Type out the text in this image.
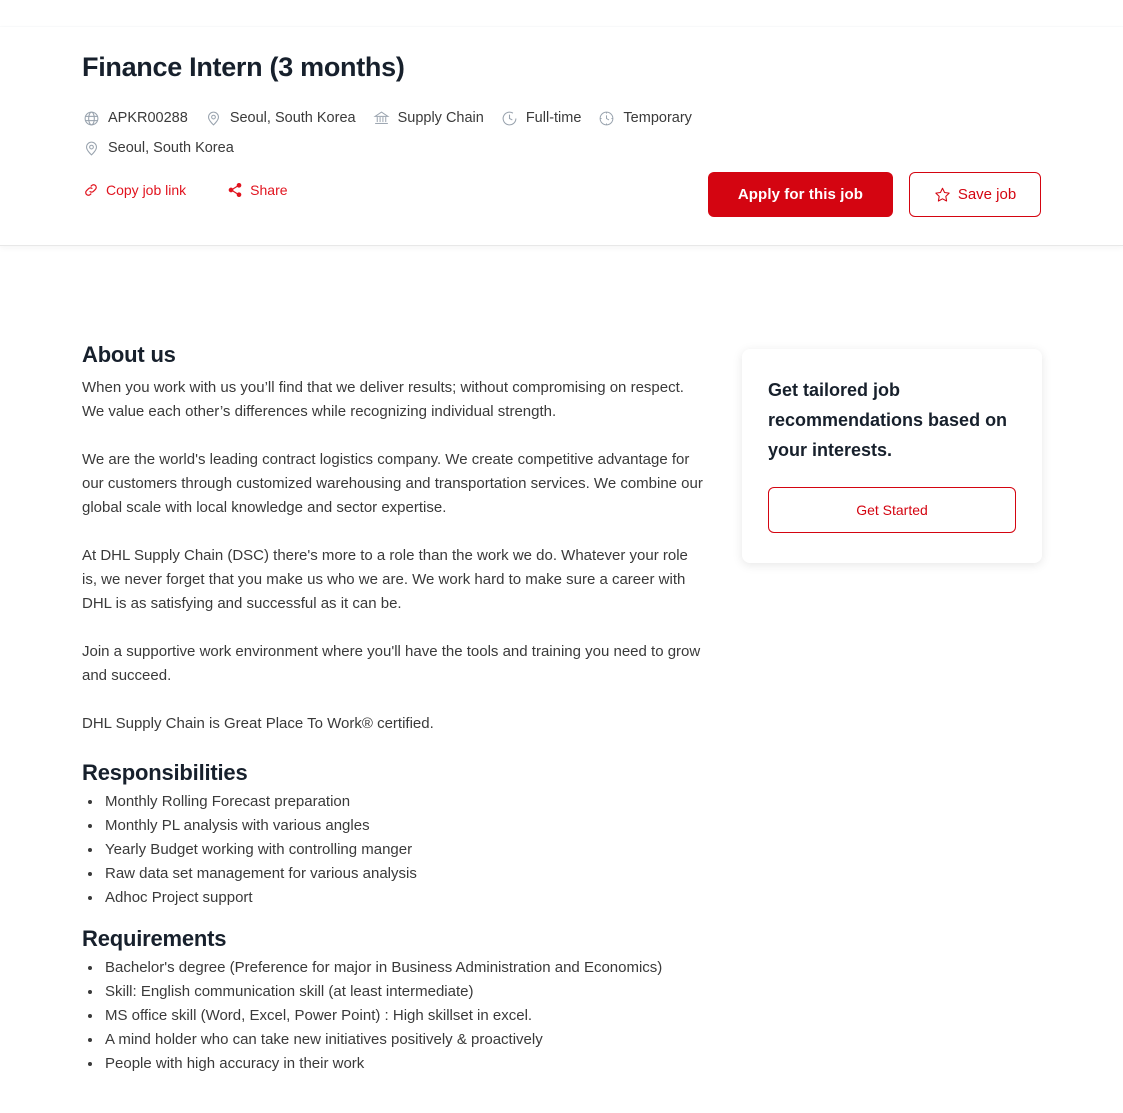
Finance Intern (3 months)
APKR00288	Seoul, South Korea	Supply Chain	Full-time	Temporary
Seoul, South Korea
Copy job link	Share	Apply for this job	Save job
About us

When you work with us you’ll find that we deliver results; without compromising on respect. We value each other’s differences while recognizing individual strength.

We are the world's leading contract logistics company. We create competitive advantage for our customers through customized warehousing and transportation services. We combine our global scale with local knowledge and sector expertise.

At DHL Supply Chain (DSC) there's more to a role than the work we do. Whatever your role is, we never forget that you make us who we are. We work hard to make sure a career with DHL is as satisfying and successful as it can be.

Join a supportive work environment where you'll have the tools and training you need to grow and succeed.

DHL Supply Chain is Great Place To Work® certified.

Responsibilities
• Monthly Rolling Forecast preparation
• Monthly PL analysis with various angles
• Yearly Budget working with controlling manger
• Raw data set management for various analysis
• Adhoc Project support
Requirements
• Bachelor's degree (Preference for major in Business Administration and Economics)
• Skill: English communication skill (at least intermediate)
• MS office skill (Word, Excel, Power Point) : High skillset in excel.
• A mind holder who can take new initiatives positively & proactively
• People with high accuracy in their work
Get tailored job recommendations based on your interests.
Get Started
